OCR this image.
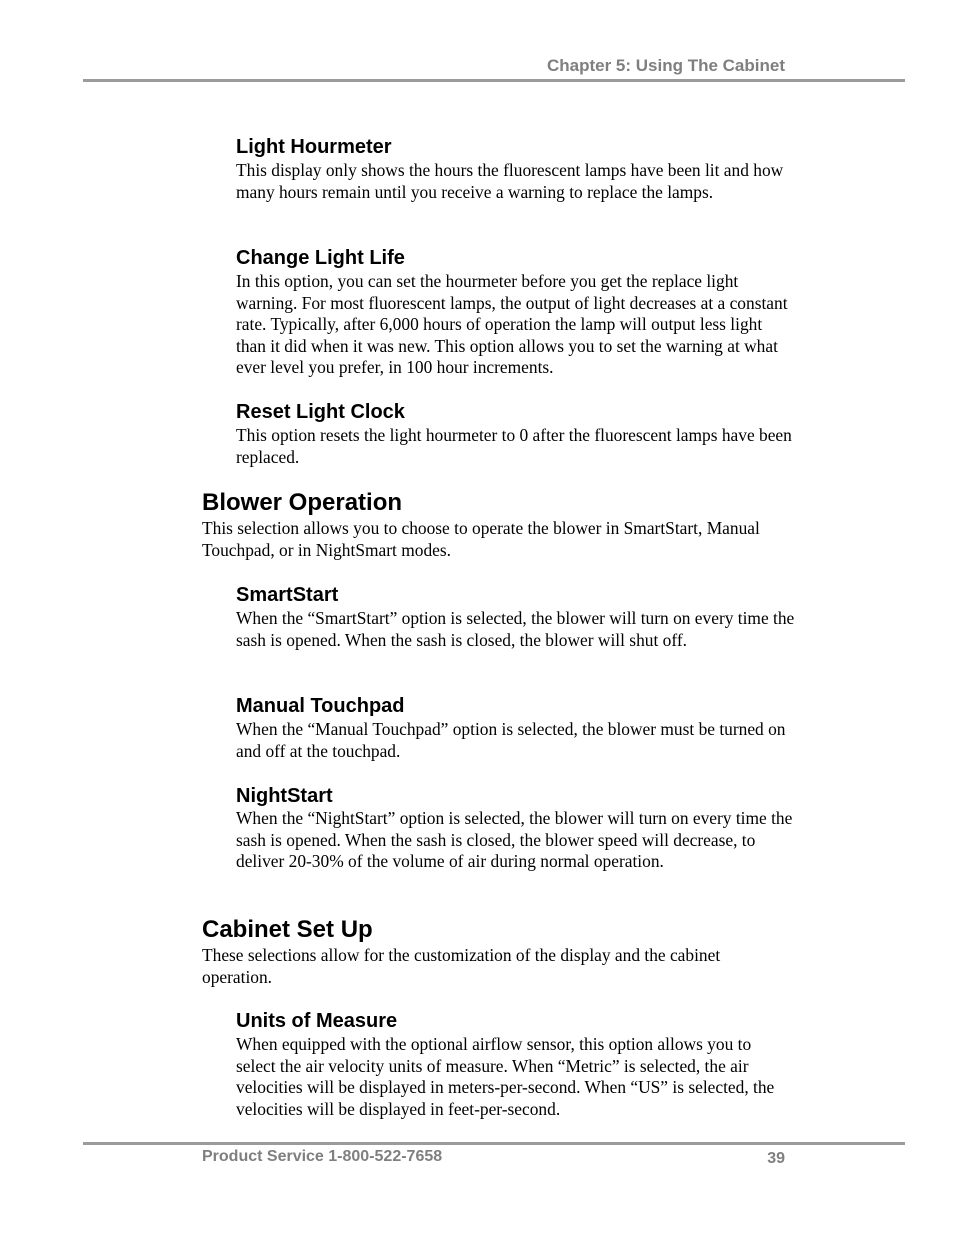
Chapter 5: Using The Cabinet
Light Hourmeter

This display only shows the hours the fluorescent lamps have been lit and how many hours remain until you receive a warning to replace the lamps.

Change Light Life

In this option, you can set the hourmeter before you get the replace light warning. For most fluorescent lamps, the output of light decreases at a constant rate. Typically, after 6,000 hours of operation the lamp will output less light than it did when it was new. This option allows you to set the warning at what ever level you prefer, in 100 hour increments.

Reset Light Clock

This option resets the light hourmeter to 0 after the fluorescent lamps have been replaced.

Blower Operation

This selection allows you to choose to operate the blower in SmartStart, Manual Touchpad, or in NightSmart modes.

SmartStart

When the “SmartStart” option is selected, the blower will turn on every time the sash is opened. When the sash is closed, the blower will shut off.

Manual Touchpad

When the “Manual Touchpad” option is selected, the blower must be turned on and off at the touchpad.

NightStart

When the “NightStart” option is selected, the blower will turn on every time the sash is opened. When the sash is closed, the blower speed will decrease, to deliver 20-30% of the volume of air during normal operation.

Cabinet Set Up

These selections allow for the customization of the display and the cabinet operation.

Units of Measure

When equipped with the optional airflow sensor, this option allows you to select the air velocity units of measure. When “Metric” is selected, the air velocities will be displayed in meters-per-second. When “US” is selected, the velocities will be displayed in feet-per-second.

Product Service 1-800-522-7658	39
